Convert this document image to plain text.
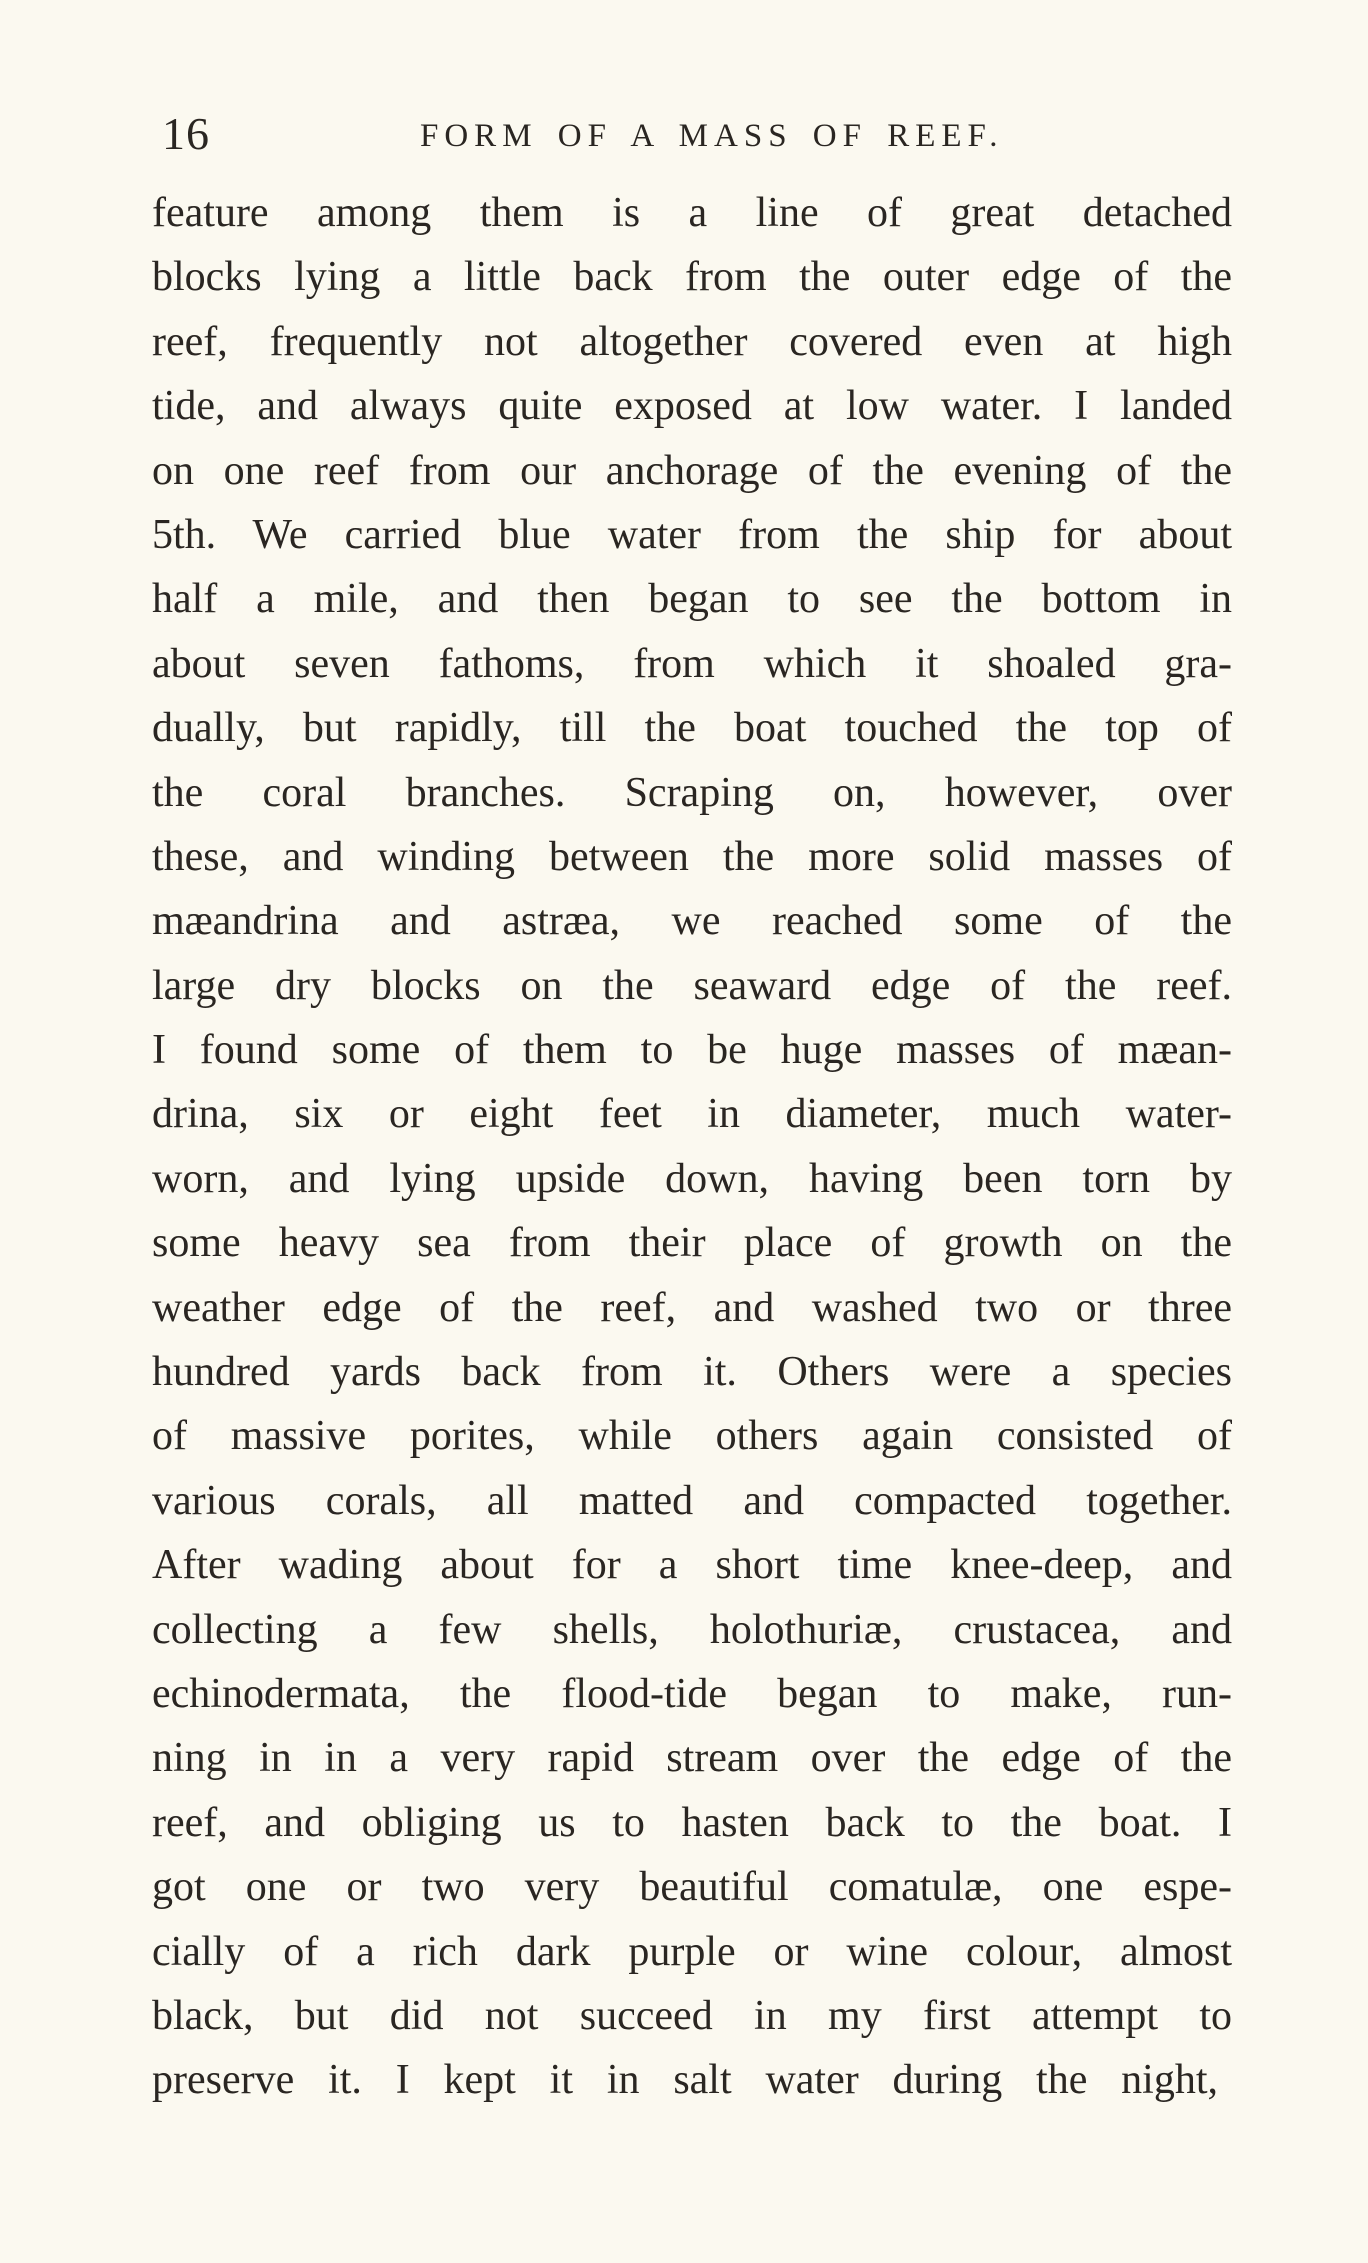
16	FORM OF A MASS OF REEF.
feature among them is a line of great detached
blocks lying a little back from the outer edge of the
reef, frequently not altogether covered even at high
tide, and always quite exposed at low water. I landed
on one reef from our anchorage of the evening of the
5th. We carried blue water from the ship for about
half a mile, and then began to see the bottom in
about seven fathoms, from which it shoaled gra-
dually, but rapidly, till the boat touched the top of
the coral branches. Scraping on, however, over
these, and winding between the more solid masses of
mæandrina and astræa, we reached some of the
large dry blocks on the seaward edge of the reef.
I found some of them to be huge masses of mæan-
drina, six or eight feet in diameter, much water-
worn, and lying upside down, having been torn by
some heavy sea from their place of growth on the
weather edge of the reef, and washed two or three
hundred yards back from it. Others were a species
of massive porites, while others again consisted of
various corals, all matted and compacted together.
After wading about for a short time knee-deep, and
collecting a few shells, holothuriæ, crustacea, and
echinodermata, the flood-tide began to make, run-
ning in in a very rapid stream over the edge of the
reef, and obliging us to hasten back to the boat. I
got one or two very beautiful comatulæ, one espe-
cially of a rich dark purple or wine colour, almost
black, but did not succeed in my first attempt to
preserve it. I kept it in salt water during the night,
